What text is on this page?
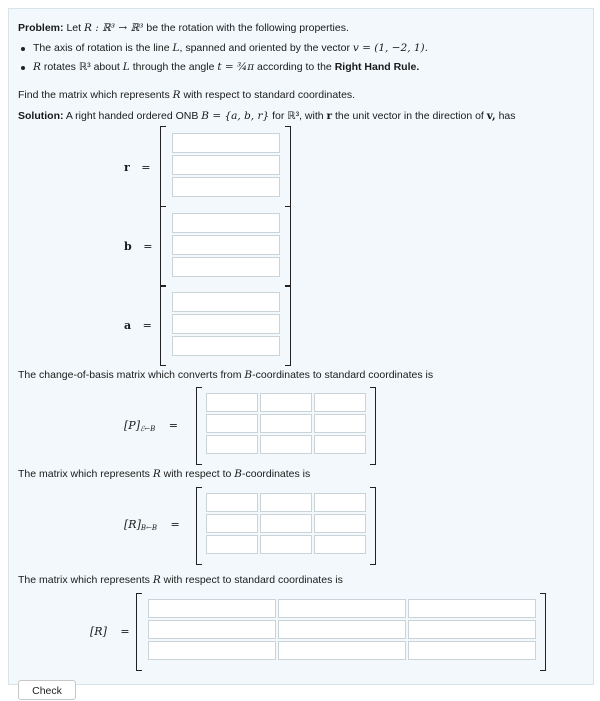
Problem: Let R : ℝ³ → ℝ³ be the rotation with the following properties.
The axis of rotation is the line L, spanned and oriented by the vector v = (1, −2, 1).
R rotates ℝ³ about L through the angle t = ¾π according to the Right Hand Rule.
Find the matrix which represents R with respect to standard coordinates.
Solution: A right handed ordered ONB B = {a, b, r} for ℝ³, with r the unit vector in the direction of v, has
r =
b =
a =
The change-of-basis matrix which converts from B-coordinates to standard coordinates is
$[P]_{ℰ\leftarrow B}$ =
The matrix which represents R with respect to B-coordinates is
$[R]_{B\leftarrow B}$ =
The matrix which represents R with respect to standard coordinates is
[R] =
Check
